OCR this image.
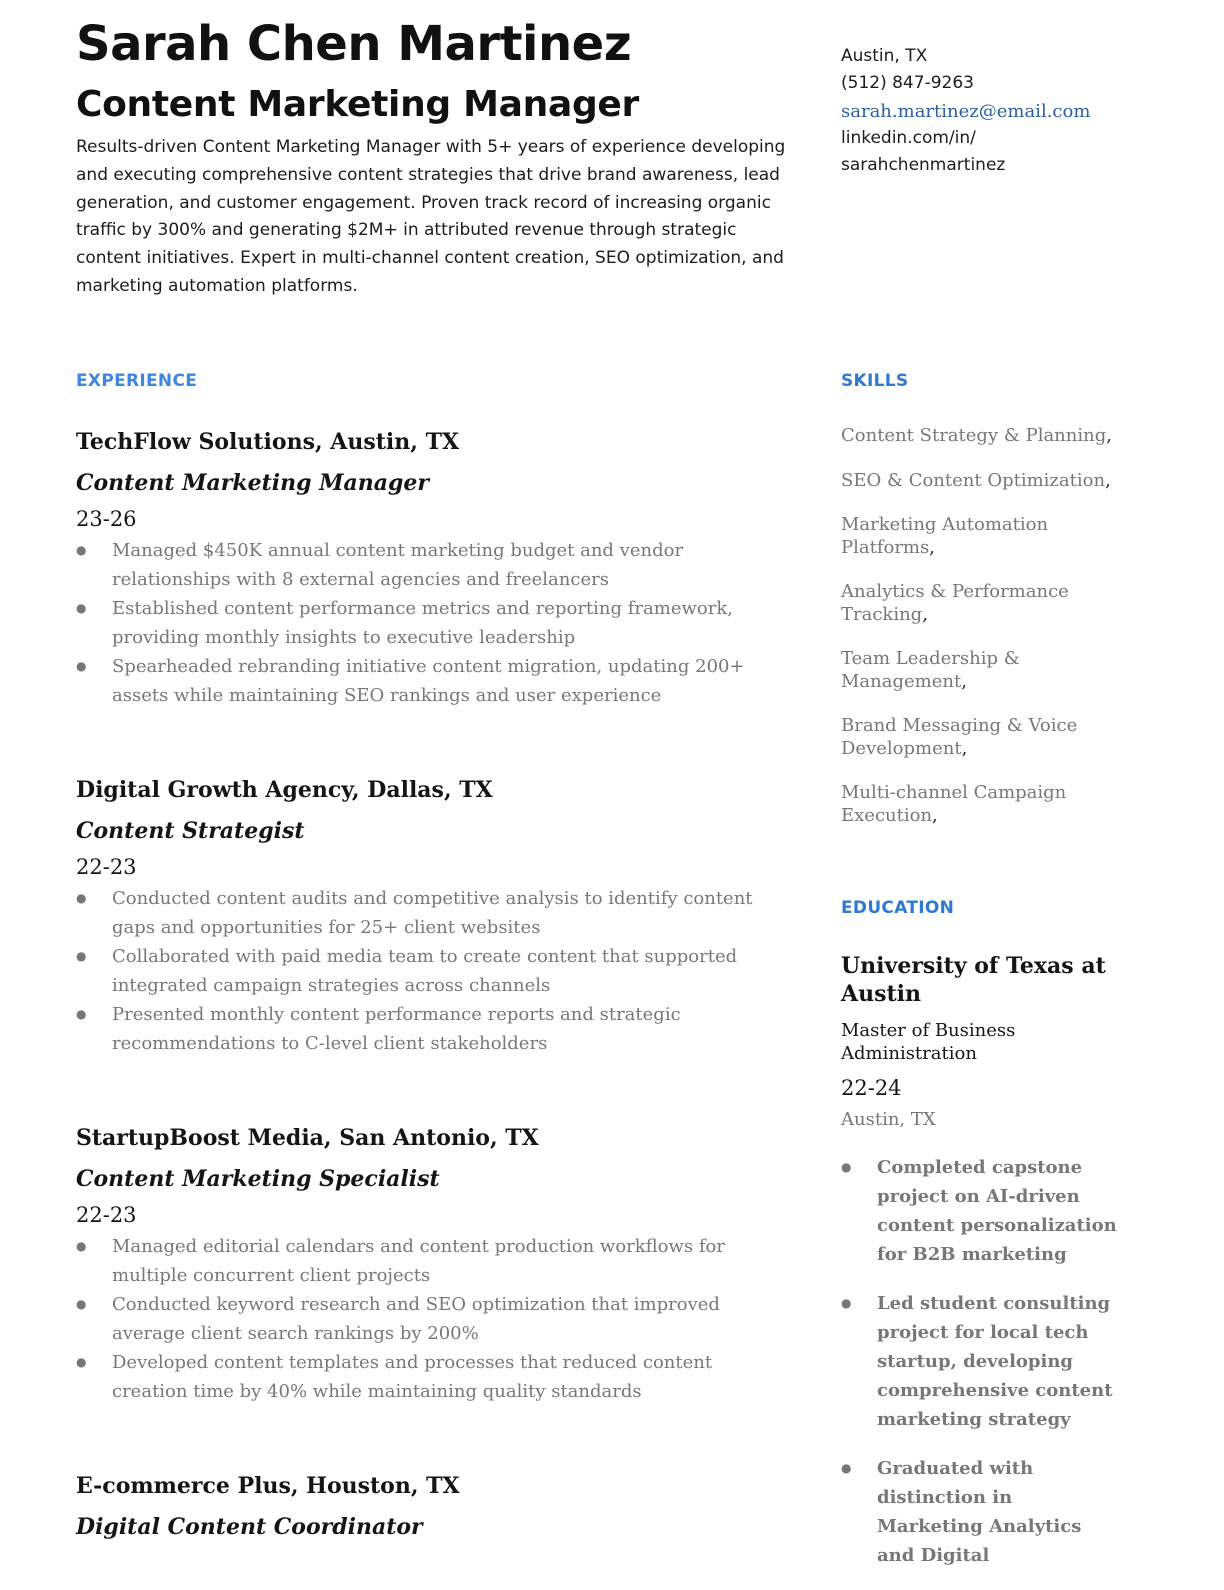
Sarah Chen Martinez
Content Marketing Manager
Results-driven Content Marketing Manager with 5+ years of experience developing and executing comprehensive content strategies that drive brand awareness, lead generation, and customer engagement. Proven track record of increasing organic traffic by 300% and generating $2M+ in attributed revenue through strategic content initiatives. Expert in multi-channel content creation, SEO optimization, and marketing automation platforms.
Austin, TX
(512) 847-9263
sarah.martinez@email.com
linkedin.com/in/
sarahchenmartinez
EXPERIENCE	SKILLS
EDUCATION
TechFlow Solutions, Austin, TX
Content Marketing Manager
23-26
● Managed $450K annual content marketing budget and vendor relationships with 8 external agencies and freelancers
● Established content performance metrics and reporting framework, providing monthly insights to executive leadership
● Spearheaded rebranding initiative content migration, updating 200+ assets while maintaining SEO rankings and user experience
Digital Growth Agency, Dallas, TX
Content Strategist
22-23
● Conducted content audits and competitive analysis to identify content gaps and opportunities for 25+ client websites
● Collaborated with paid media team to create content that supported integrated campaign strategies across channels
● Presented monthly content performance reports and strategic recommendations to C-level client stakeholders
StartupBoost Media, San Antonio, TX
Content Marketing Specialist
22-23
● Managed editorial calendars and content production workflows for multiple concurrent client projects
● Conducted keyword research and SEO optimization that improved average client search rankings by 200%
● Developed content templates and processes that reduced content creation time by 40% while maintaining quality standards
E-commerce Plus, Houston, TX
Digital Content Coordinator
Content Strategy & Planning,
SEO & Content Optimization,
Marketing Automation Platforms,
Analytics & Performance Tracking,
Team Leadership & Management,
Brand Messaging & Voice Development,
Multi-channel Campaign Execution,
University of Texas at Austin
Master of Business Administration
22-24
Austin, TX
● Completed capstone project on AI-driven content personalization for B2B marketing
● Led student consulting project for local tech startup, developing comprehensive content marketing strategy
● Graduated with distinction in Marketing Analytics and Digital
